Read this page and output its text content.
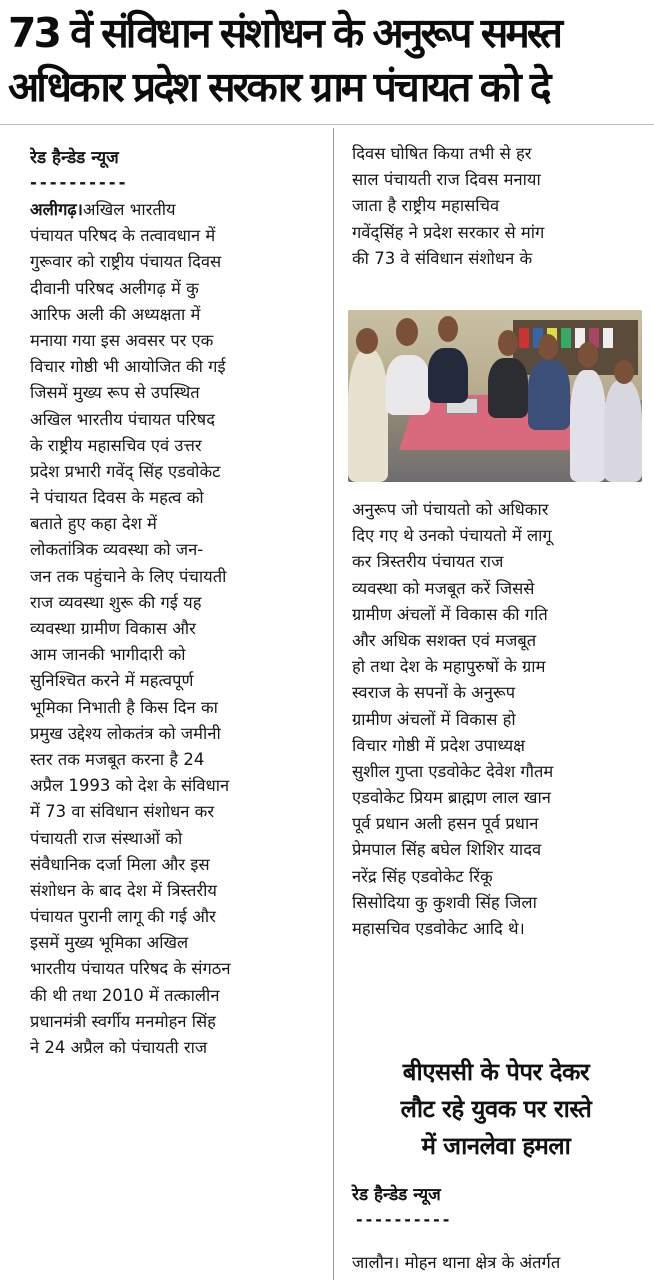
73 वें संविधान संशोधन के अनुरूप समस्त
अधिकार प्रदेश सरकार ग्राम पंचायत को दे
रेड हैन्डेड न्यूज
----------
अलीगढ़।अखिल भारतीय
पंचायत परिषद के तत्वावधान में
गुरूवार को राष्ट्रीय पंचायत दिवस
दीवानी परिषद अलीगढ़ में कु
आरिफ अली की अध्यक्षता में
मनाया गया इस अवसर पर एक
विचार गोष्ठी भी आयोजित की गई
जिसमें मुख्य रूप से उपस्थित
अखिल भारतीय पंचायत परिषद
के राष्ट्रीय महासचिव एवं उत्तर
प्रदेश प्रभारी गवेंद् सिंह एडवोकेट
ने पंचायत दिवस के महत्व को
बताते हुए कहा देश में
लोकतांत्रिक व्यवस्था को जन-
जन तक पहुंचाने के लिए पंचायती
राज व्यवस्था शुरू की गई यह
व्यवस्था ग्रामीण विकास और
आम जानकी भागीदारी को
सुनिश्चित करने में महत्वपूर्ण
भूमिका निभाती है किस दिन का
प्रमुख उद्देश्य लोकतंत्र को जमीनी
स्तर तक मजबूत करना है 24
अप्रैल 1993 को देश के संविधान
में 73 वा संविधान संशोधन कर
पंचायती राज संस्थाओं को
संवैधानिक दर्जा मिला और इस
संशोधन के बाद देश में त्रिस्तरीय
पंचायत पुरानी लागू की गई और
इसमें मुख्य भूमिका अखिल
भारतीय पंचायत परिषद के संगठन
की थी तथा 2010 में तत्कालीन
प्रधानमंत्री स्वर्गीय मनमोहन सिंह
ने 24 अप्रैल को पंचायती राज
दिवस घोषित किया तभी से हर
साल पंचायती राज दिवस मनाया
जाता है राष्ट्रीय महासचिव
गवेंद्सिंह ने प्रदेश सरकार से मांग
की 73 वे संविधान संशोधन के
अनुरूप जो पंचायतो को अधिकार
दिए गए थे उनको पंचायतो में लागू
कर त्रिस्तरीय पंचायत राज
व्यवस्था को मजबूत करें जिससे
ग्रामीण अंचलों में विकास की गति
और अधिक सशक्त एवं मजबूत
हो तथा देश के महापुरुषों के ग्राम
स्वराज के सपनों के अनुरूप
ग्रामीण अंचलों में विकास हो
विचार गोष्ठी में प्रदेश उपाध्यक्ष
सुशील गुप्ता एडवोकेट देवेश गौतम
एडवोकेट प्रियम ब्राह्मण लाल खान
पूर्व प्रधान अली हसन पूर्व प्रधान
प्रेमपाल सिंह बघेल शिशिर यादव
नरेंद्र सिंह एडवोकेट रिंकू
सिसोदिया कु कुशवी सिंह जिला
महासचिव एडवोकेट आदि थे।
बीएससी के पेपर देकर
लौट रहे युवक पर रास्ते
में जानलेवा हमला
रेड हैन्डेड न्यूज
----------
जालौन। मोहन थाना क्षेत्र के अंतर्गत
